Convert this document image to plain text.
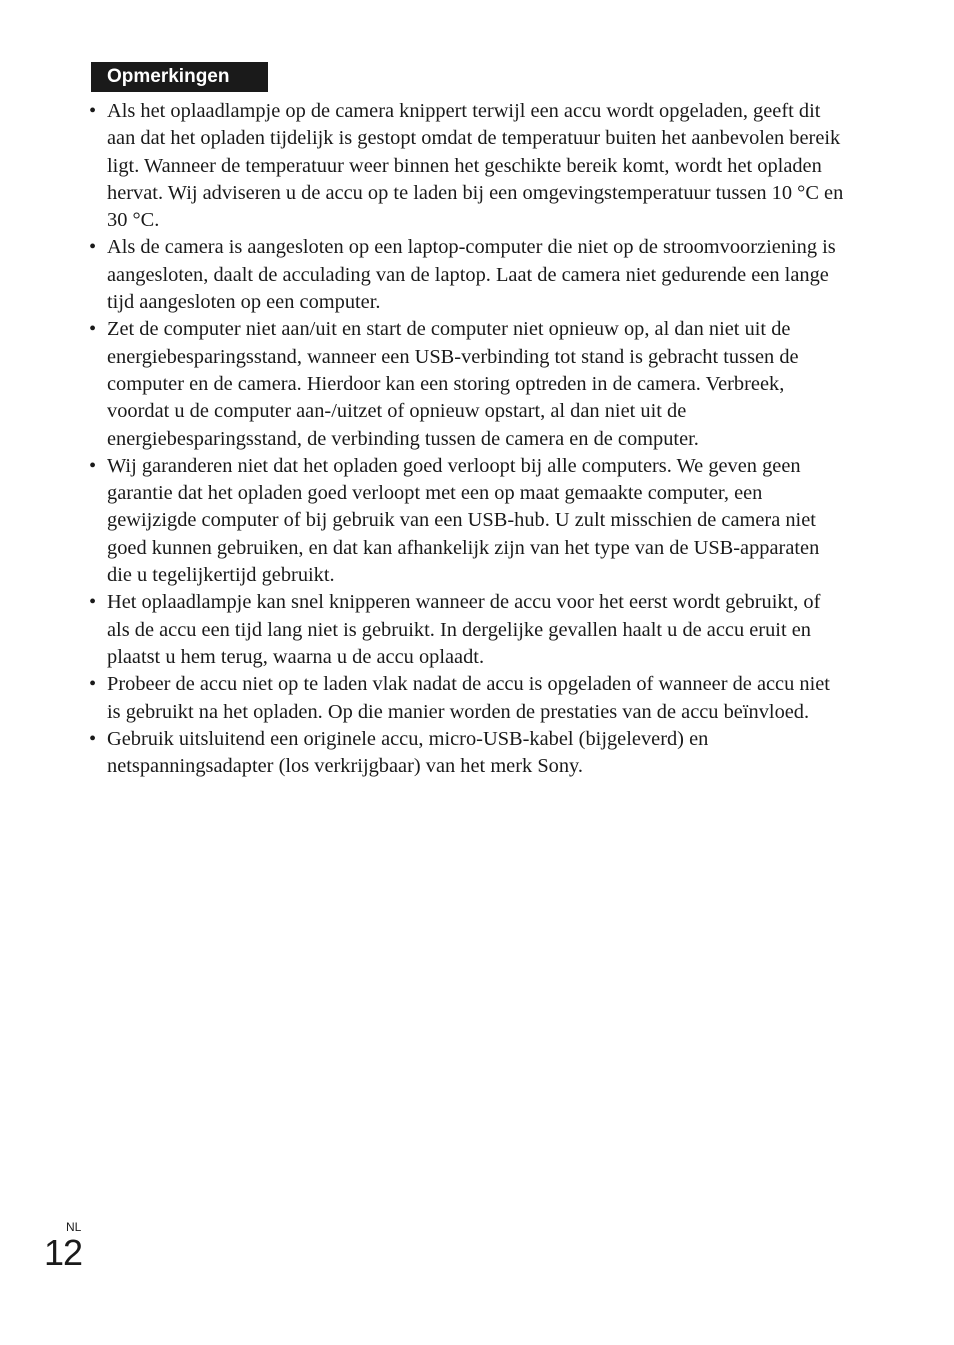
Opmerkingen
• Als het oplaadlampje op de camera knippert terwijl een accu wordt opgeladen, geeft dit aan dat het opladen tijdelijk is gestopt omdat de temperatuur buiten het aanbevolen bereik ligt. Wanneer de temperatuur weer binnen het geschikte bereik komt, wordt het opladen hervat. Wij adviseren u de accu op te laden bij een omgevingstemperatuur tussen 10 °C en 30 °C.
• Als de camera is aangesloten op een laptop-computer die niet op de stroomvoorziening is aangesloten, daalt de acculading van de laptop. Laat de camera niet gedurende een lange tijd aangesloten op een computer.
• Zet de computer niet aan/uit en start de computer niet opnieuw op, al dan niet uit de energiebesparingsstand, wanneer een USB-verbinding tot stand is gebracht tussen de computer en de camera. Hierdoor kan een storing optreden in de camera. Verbreek, voordat u de computer aan-/uitzet of opnieuw opstart, al dan niet uit de energiebesparingsstand, de verbinding tussen de camera en de computer.
• Wij garanderen niet dat het opladen goed verloopt bij alle computers. We geven geen garantie dat het opladen goed verloopt met een op maat gemaakte computer, een gewijzigde computer of bij gebruik van een USB-hub. U zult misschien de camera niet goed kunnen gebruiken, en dat kan afhankelijk zijn van het type van de USB-apparaten die u tegelijkertijd gebruikt.
• Het oplaadlampje kan snel knipperen wanneer de accu voor het eerst wordt gebruikt, of als de accu een tijd lang niet is gebruikt. In dergelijke gevallen haalt u de accu eruit en plaatst u hem terug, waarna u de accu oplaadt.
• Probeer de accu niet op te laden vlak nadat de accu is opgeladen of wanneer de accu niet is gebruikt na het opladen. Op die manier worden de prestaties van de accu beïnvloed.
• Gebruik uitsluitend een originele accu, micro-USB-kabel (bijgeleverd) en netspanningsadapter (los verkrijgbaar) van het merk Sony.
NL
12
